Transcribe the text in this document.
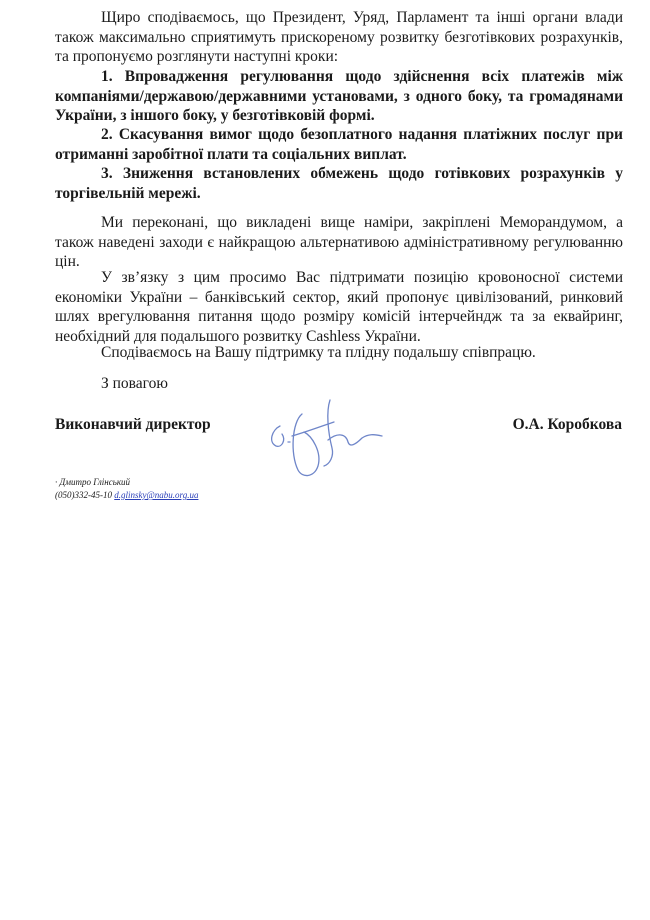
Щиро сподіваємось, що Президент, Уряд, Парламент та інші органи влади також максимально сприятимуть прискореному розвитку безготівкових розрахунків, та пропонуємо розглянути наступні кроки:

1. Впровадження регулювання щодо здійснення всіх платежів між компаніями/державою/державними установами, з одного боку, та громадянами України, з іншого боку, у безготівковій формі.

2. Скасування вимог щодо безоплатного надання платіжних послуг при отриманні заробітної плати та соціальних виплат.

3. Зниження встановлених обмежень щодо готівкових розрахунків у торгівельній мережі.

Ми переконані, що викладені вище наміри, закріплені Меморандумом, а також наведені заходи є найкращою альтернативою адміністративному регулюванню цін.

У зв’язку з цим просимо Вас підтримати позицію кровоносної системи економіки України – банківський сектор, який пропонує цивілізований, ринковий шлях врегулювання питання щодо розміру комісій інтерчейндж та за еквайринг, необхідний для подальшого розвитку Cashless України.

Сподіваємось на Вашу підтримку та плідну подальшу співпрацю.

З повагою

Виконавчий директор	О.А. Коробкова

· Дмитро Глінський

(050)332-45-10 d.glinsky@nabu.org.ua
